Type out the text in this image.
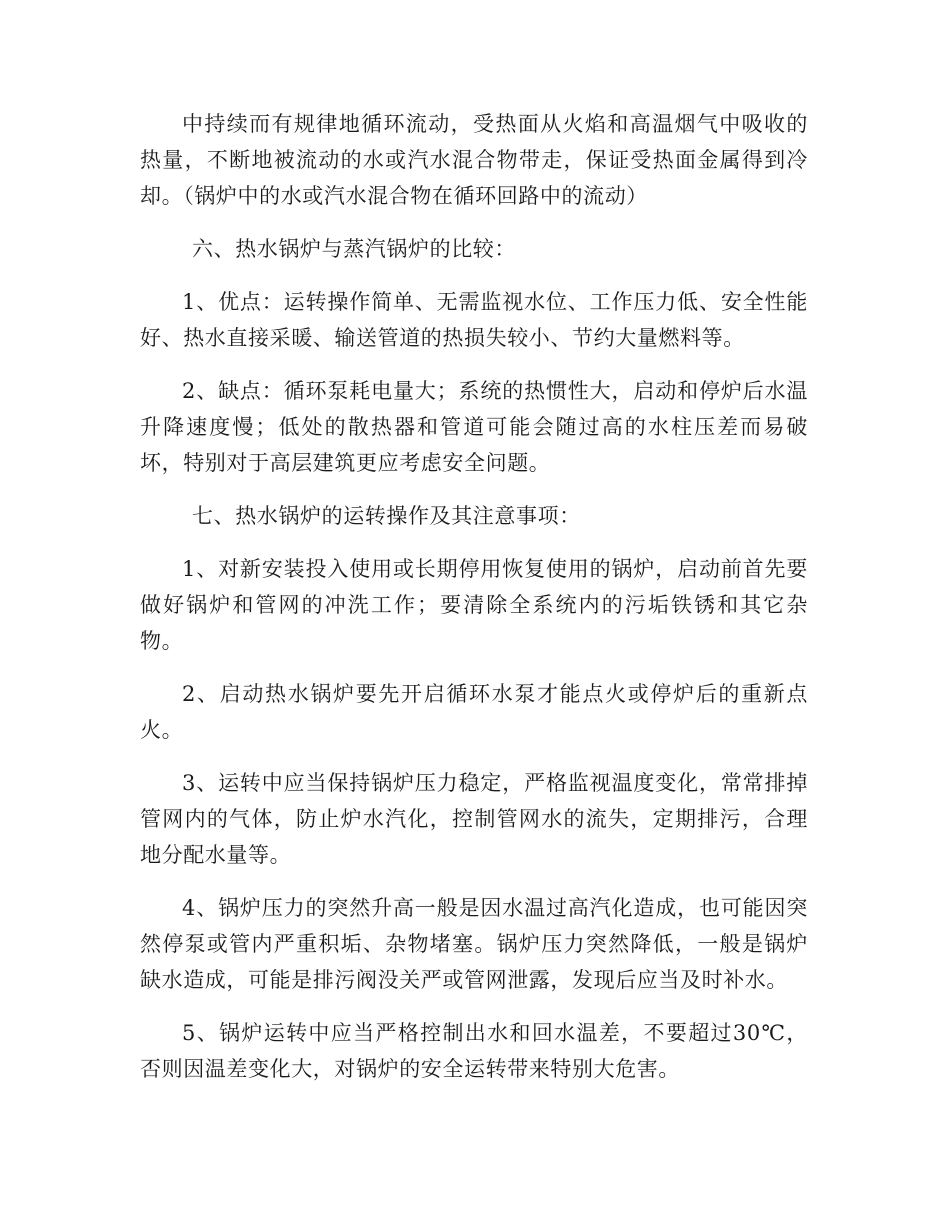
中持续而有规律地循环流动，受热面从火焰和高温烟气中吸收的热量，不断地被流动的水或汽水混合物带走，保证受热面金属得到冷却。（锅炉中的水或汽水混合物在循环回路中的流动）

六、热水锅炉与蒸汽锅炉的比较：

1、优点：运转操作简单、无需监视水位、工作压力低、安全性能好、热水直接采暖、输送管道的热损失较小、节约大量燃料等。

2、缺点：循环泵耗电量大；系统的热惯性大，启动和停炉后水温升降速度慢；低处的散热器和管道可能会随过高的水柱压差而易破坏，特别对于高层建筑更应考虑安全问题。

七、热水锅炉的运转操作及其注意事项：

1、对新安装投入使用或长期停用恢复使用的锅炉，启动前首先要做好锅炉和管网的冲洗工作；要清除全系统内的污垢铁锈和其它杂物。

2、启动热水锅炉要先开启循环水泵才能点火或停炉后的重新点火。

3、运转中应当保持锅炉压力稳定，严格监视温度变化，常常排掉管网内的气体，防止炉水汽化，控制管网水的流失，定期排污，合理地分配水量等。

4、锅炉压力的突然升高一般是因水温过高汽化造成，也可能因突然停泵或管内严重积垢、杂物堵塞。锅炉压力突然降低，一般是锅炉缺水造成，可能是排污阀没关严或管网泄露，发现后应当及时补水。

5、锅炉运转中应当严格控制出水和回水温差，不要超过30℃，否则因温差变化大，对锅炉的安全运转带来特别大危害。
